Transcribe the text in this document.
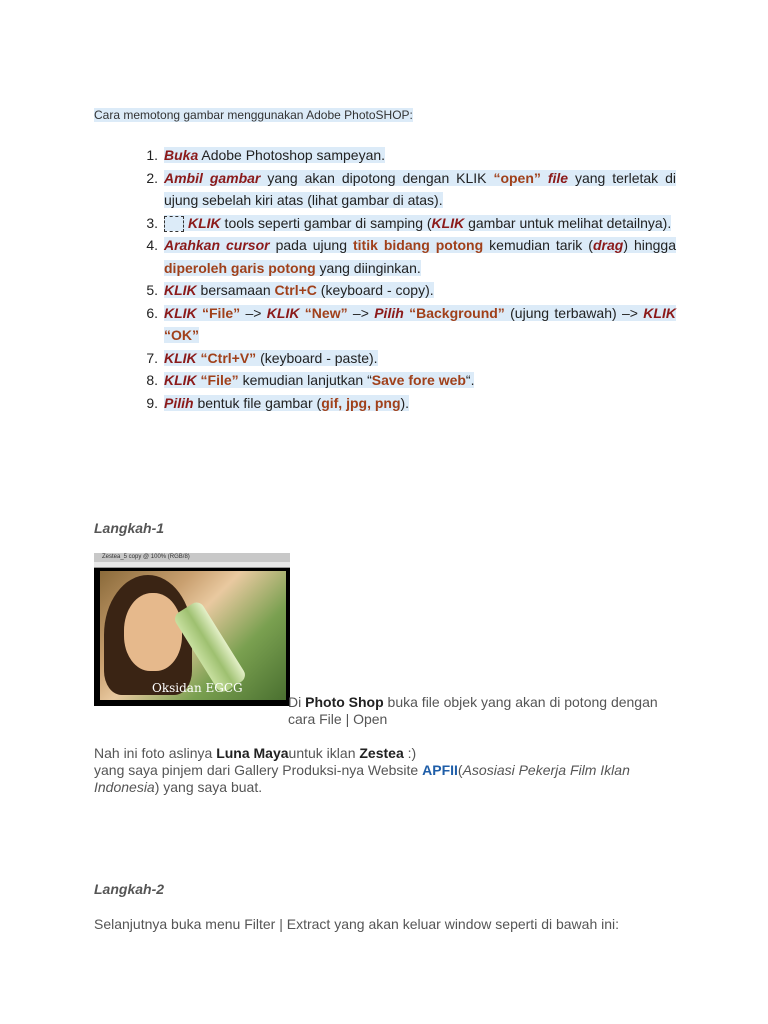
Cara memotong gambar menggunakan Adobe PhotoSHOP:
1. Buka Adobe Photoshop sampeyan.
2. Ambil gambar yang akan dipotong dengan KLIK “open” file yang terletak di ujung sebelah kiri atas (lihat gambar di atas).
3.	KLIK tools seperti gambar di samping (KLIK gambar untuk melihat detailnya).
4. Arahkan cursor pada ujung titik bidang potong kemudian tarik (drag) hingga diperoleh garis potong yang diinginkan.
5. KLIK bersamaan Ctrl+C (keyboard - copy).
6. KLIK “File” –> KLIK “New” –> Pilih “Background” (ujung terbawah) –> KLIK “OK”
7. KLIK “Ctrl+V” (keyboard - paste).
8. KLIK “File” kemudian lanjutkan “Save fore web“.
9. Pilih bentuk file gambar (gif, jpg, png).
Langkah-1
Zestea_5 copy @ 100% (RGB/8)
Oksidan EGCG
Di Photo Shop buka file objek yang akan di potong dengan cara File | Open
Nah ini foto aslinya Luna Mayauntuk iklan Zestea :)
yang saya pinjem dari Gallery Produksi-nya Website APFII(Asosiasi Pekerja Film Iklan Indonesia) yang saya buat.
Langkah-2
Selanjutnya buka menu Filter | Extract yang akan keluar window seperti di bawah ini:
